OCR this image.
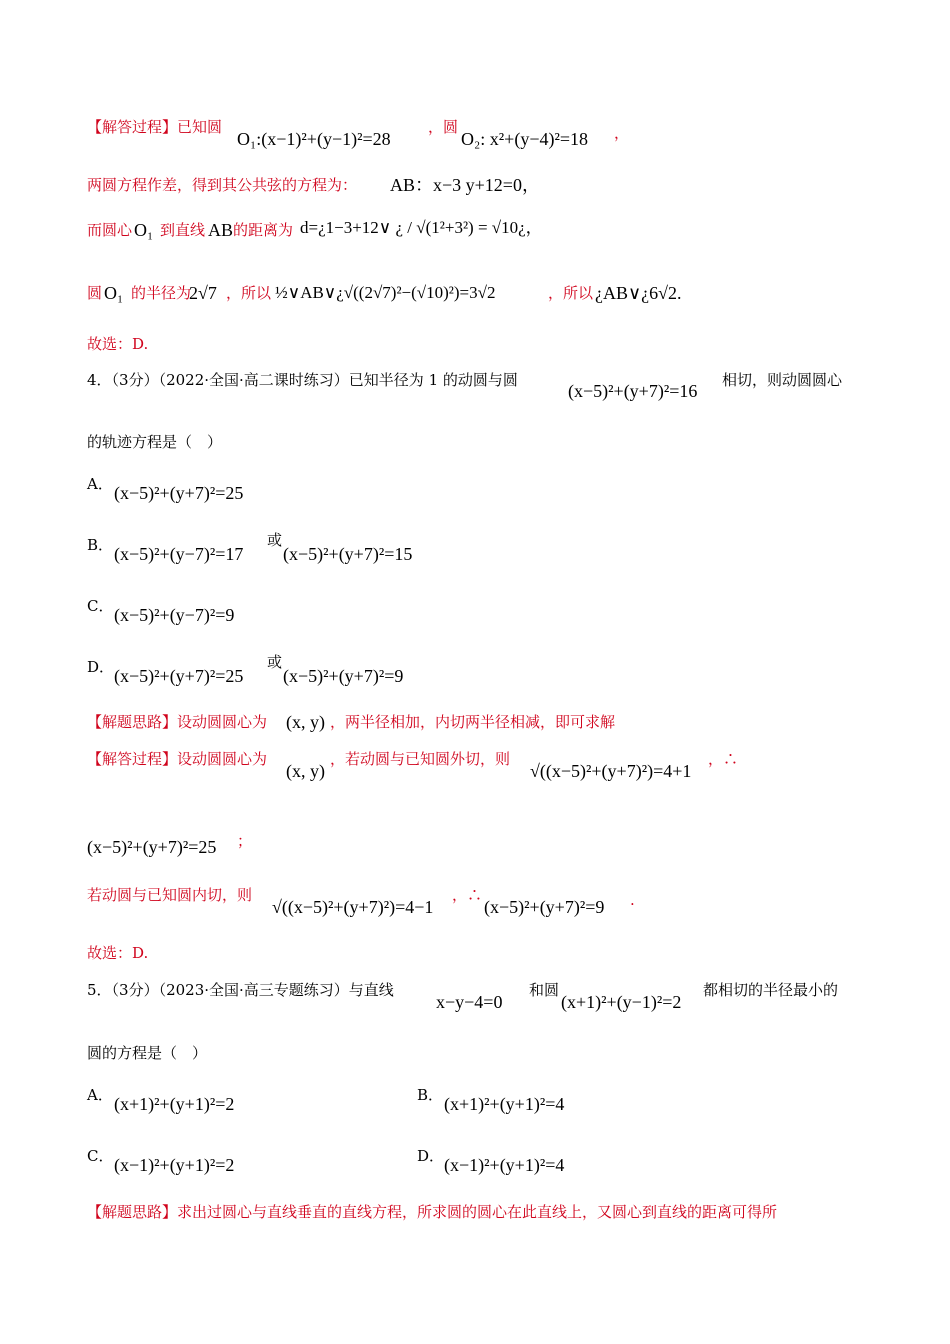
【解答过程】已知圆
O₁:(x−1)²+(y−1)²=28
，圆
O₂: x²+(y−4)²=18 ，
两圆方程作差，得到其公共弦的方程为： AB：x−3 y+12=0，
而圆心 O₁ 到直线 AB 的距离为 d=¿1−3+12∨ ¿ / √(1²+3²) = √10¿，
圆 O₁ 的半径为
2√7 ，所以 ½∨AB∨¿√((2√7)²−(√10)²)=3√2	，所以 ¿AB∨¿6√2.
故选：D.
4．（3分）（2022·全国·高二课时练习）已知半径为 1 的动圆与圆
(x−5)²+(y+7)²=16
相切，则动圆圆心
的轨迹方程是（　）
A． (x−5)²+(y+7)²=25
B． (x−5)²+(y−7)²=17
或
(x−5)²+(y+7)²=15
C． (x−5)²+(y−7)²=9
D． (x−5)²+(y+7)²=25
或
(x−5)²+(y+7)²=9
【解题思路】设动圆圆心为 (x, y) ，两半径相加，内切两半径相减，即可求解
【解答过程】设动圆圆心为
(x, y)
，若动圆与已知圆外切，则
√((x−5)²+(y+7)²)=4+1
，∴
(x−5)²+(y+7)²=25 ；
若动圆与已知圆内切，则
√((x−5)²+(y+7)²)=4−1
，∴
(x−5)²+(y+7)²=9 .
故选：D.
5．（3分）（2023·全国·高三专题练习）与直线
x−y−4=0
和圆
(x+1)²+(y−1)²=2
都相切的半径最小的
圆的方程是（　）
A． (x+1)²+(y+1)²=2	B． (x+1)²+(y+1)²=4
C． (x−1)²+(y+1)²=2	D． (x−1)²+(y+1)²=4
【解题思路】求出过圆心与直线垂直的直线方程，所求圆的圆心在此直线上，又圆心到直线的距离可得所
